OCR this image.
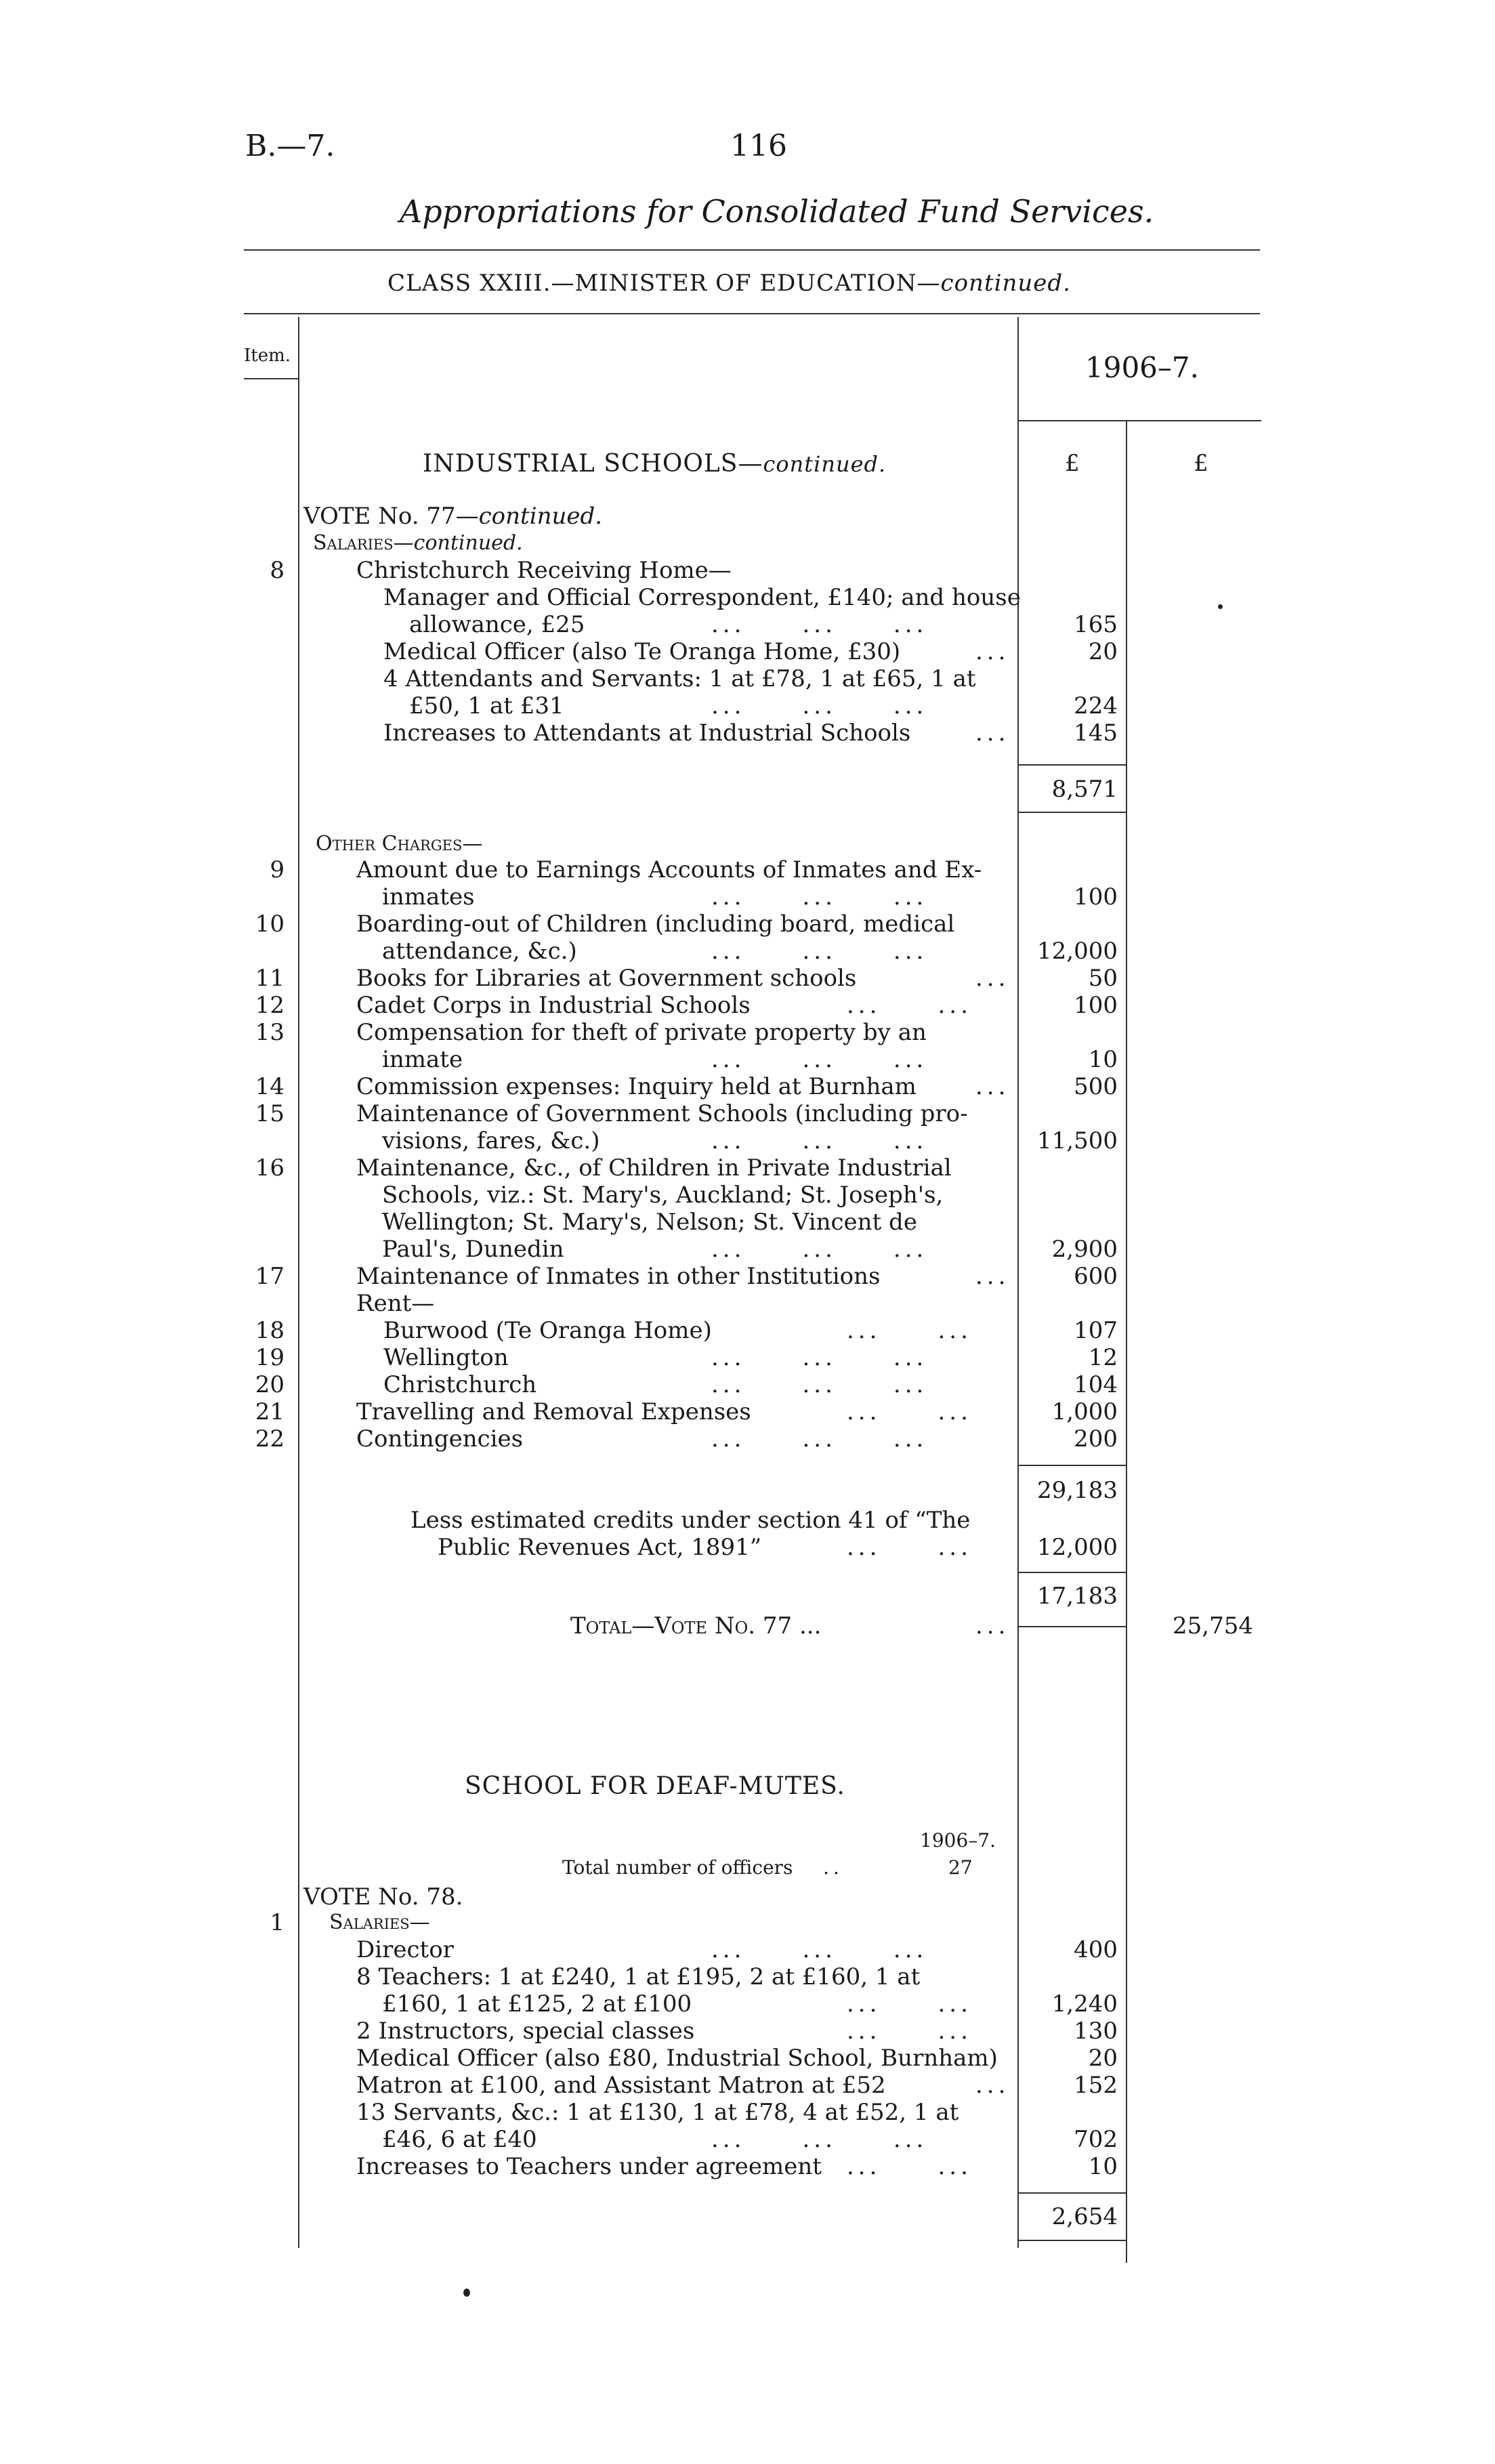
B.—7.	116
Appropriations for Consolidated Fund Services.
CLASS XXIII.—MINISTER OF EDUCATION—continued.
Item.	1906–7.
INDUSTRIAL SCHOOLS—continued.	£	£
VOTE No. 77—continued.
Salaries—continued.
8	Christchurch Receiving Home—
Manager and Official Correspondent, £140; and house
allowance, £25	...     ...     ...	165
Medical Officer (also Te Oranga Home, £30)	...	20
4 Attendants and Servants: 1 at £78, 1 at £65, 1 at
£50, 1 at £31	...     ...     ...	224
Increases to Attendants at Industrial Schools	...	145
8,571
Other Charges—
9	Amount due to Earnings Accounts of Inmates and Ex-
inmates	...     ...     ...	100
10	Boarding-out of Children (including board, medical
attendance, &c.)	...     ...     ...	12,000
11	Books for Libraries at Government schools	...	50
12	Cadet Corps in Industrial Schools	...     ...	100
13	Compensation for theft of private property by an
inmate	...     ...     ...	10
14	Commission expenses: Inquiry held at Burnham	...	500
15	Maintenance of Government Schools (including pro-
visions, fares, &c.)	...     ...     ...	11,500
16	Maintenance, &c., of Children in Private Industrial
Schools, viz.: St. Mary's, Auckland; St. Joseph's,
Wellington; St. Mary's, Nelson; St. Vincent de
Paul's, Dunedin	...     ...     ...	2,900
17	Maintenance of Inmates in other Institutions	...	600
Rent—
18	Burwood (Te Oranga Home)	...     ...	107
19	Wellington	...     ...     ...	12
20	Christchurch	...     ...     ...	104
21	Travelling and Removal Expenses	...     ...	1,000
22	Contingencies	...     ...     ...	200
29,183
Less estimated credits under section 41 of “The
Public Revenues Act, 1891”	...     ...	12,000
17,183
Total—Vote No. 77 ...	...	25,754
SCHOOL FOR DEAF-MUTES.
1906–7.
Total number of officers   ..	27
VOTE No. 78.
1 Salaries—
Director	...     ...     ...	400
8 Teachers: 1 at £240, 1 at £195, 2 at £160, 1 at
£160, 1 at £125, 2 at £100	...     ...	1,240
2 Instructors, special classes	...     ...	130
Medical Officer (also £80, Industrial School, Burnham)	20
Matron at £100, and Assistant Matron at £52	...	152
13 Servants, &c.: 1 at £130, 1 at £78, 4 at £52, 1 at
£46, 6 at £40	...     ...     ...	702
Increases to Teachers under agreement ...     ...	10
2,654
